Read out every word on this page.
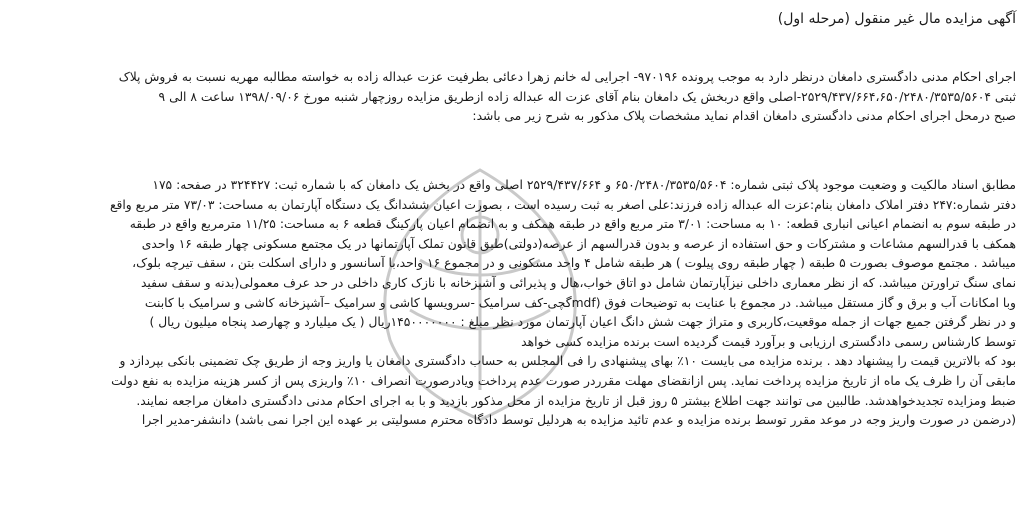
آگهی مزایده مال غیر منقول (مرحله اول)
اجرای احکام مدنی دادگستری دامغان درنظر دارد به موجب پرونده ۹۷۰۱۹۶- اجرایی له خانم زهرا دعائی بطرفیت عزت عبداله زاده به خواسته مطالبه مهریه نسبت به فروش پلاک
ثبتی ۲۵۲۹/۴۳۷/۶۶۴،۶۵۰/۲۴۸۰/۳۵۳۵/۵۶۰۴-اصلی واقع دربخش یک دامغان بنام آقای عزت اله عبداله زاده ازطریق مزایده روزچهار شنبه مورخ ۱۳۹۸/۰۹/۰۶ ساعت ۸ الی ۹
صبح درمحل اجرای احکام مدنی دادگستری دامغان اقدام نماید مشخصات پلاک مذکور به شرح زیر می باشد:
مطابق اسناد مالکیت و وضعیت موجود پلاک ثبتی شماره: ۶۵۰/۲۴۸۰/۳۵۳۵/۵۶۰۴ و ۲۵۲۹/۴۳۷/۶۶۴ اصلی واقع در بخش یک دامغان که با شماره ثبت: ۳۲۴۴۲۷ در صفحه: ۱۷۵
دفتر شماره:۲۴۷ دفتر املاک دامغان بنام:عزت اله عبداله زاده فرزند:علی اصغر به ثبت رسیده است ، بصورت اعیان ششدانگ یک دستگاه آپارتمان به مساحت: ۷۳/۰۳ متر مربع واقع
در طبقه سوم به انضمام اعیانی انباری قطعه: ۱۰ به مساحت: ۳/۰۱ متر مربع واقع در طبقه همکف و به انضمام اعیان پارکینگ قطعه ۶ به مساحت: ۱۱/۲۵ مترمربع واقع در طبقه
همکف با قدرالسهم مشاعات و مشترکات و حق استفاده از عرصه و بدون قدرالسهم از عرصه(دولتی)طبق قانون تملک آپارتمانها در یک مجتمع مسکونی چهار طبقه ۱۶ واحدی
میباشد . مجتمع موصوف بصورت ۵ طبقه ( چهار طبقه روی پیلوت ) هر طبقه شامل ۴ واحد مسکونی و در مجموع ۱۶ واحد،با آسانسور و دارای اسکلت بتن ، سقف تیرچه بلوک،
نمای سنگ تراورتن میباشد. که از نظر معماری داخلی نیزآپارتمان شامل دو اتاق خواب،هال و پذیرائی و آشپزخانه با نازک کاری داخلی در حد عرف معمولی(بدنه و سقف سفید
وبا امکانات آب و برق و گاز مستقل میباشد. در مجموع با عنایت به توضیحات فوق (mdfگچی-کف سرامیک -سرویسها کاشی و سرامیک –آشپزخانه کاشی و سرامیک با کابنت
و در نظر گرفتن جمیع جهات از جمله موقعیت،کاربری و متراژ جهت شش دانگ اعیان آپارتمان مورد نظر مبلغ : ۱۴۵۰۰۰۰۰۰۰ریال ( یک میلیارد و چهارصد پنجاه میلیون ریال )
توسط کارشناس رسمی دادگستری ارزیابی و برآورد قیمت گردیده است برنده مزایده کسی خواهد
بود که بالاترین قیمت را پیشنهاد دهد . برنده مزایده می بایست ۱۰٪ بهای پیشنهادی را فی المجلس به حساب دادگستری دامغان یا واریز وجه از طریق چک تضمینی بانکی بپردازد و
مابقی آن را ظرف یک ماه از تاریخ مزایده پرداخت نماید. پس ازانقضای مهلت مقرردر صورت عدم پرداخت ویادرصورت انصراف ۱۰٪ واریزی پس از کسر هزینه مزایده به نفع دولت
ضبط ومزایده تجدیدخواهدشد. طالبین می توانند جهت اطلاع بیشتر ۵ روز قبل از تاریخ مزایده از محل مذکور بازدید و با به اجرای احکام مدنی دادگستری دامغان مراجعه نمایند.
(درضمن در صورت واریز وجه در موعد مقرر توسط برنده مزایده و عدم تائید مزایده به هردلیل توسط دادگاه محترم مسولیتی بر عهده این اجرا نمی باشد) دانشفر-مدیر اجرا
